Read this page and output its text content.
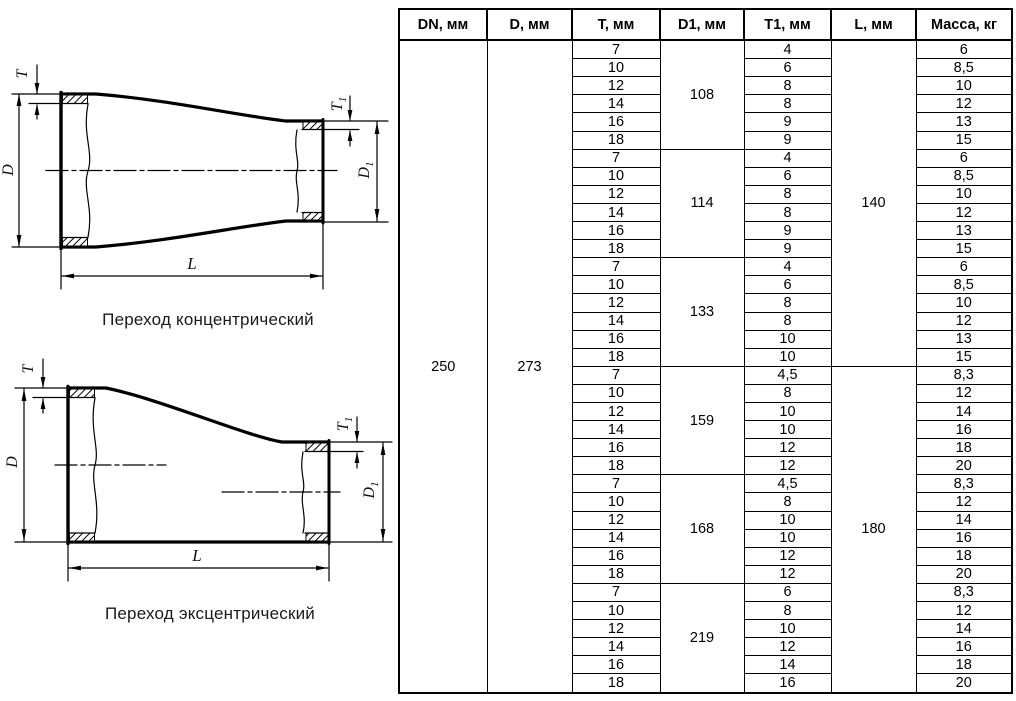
D
T
$T_1$
$D_1$
L
D
T
$T_1$
$D_1$
L
Переход концентрический
Переход эксцентрический
DN, мм	D, мм	T, мм	D1, мм	T1, мм	L, мм	Масса, кг
250	273	7	108	4	140	6
		10		6		8,5
		12		8		10
		14		8		12
		16		9		13
		18		9		15
		7	114	4		6
		10		6		8,5
		12		8		10
		14		8		12
		16		9		13
		18		9		15
		7	133	4		6
		10		6		8,5
		12		8		10
		14		8		12
		16		10		13
		18		10		15
		7	159	4,5	180	8,3
		10		8		12
		12		10		14
		14		10		16
		16		12		18
		18		12		20
		7	168	4,5		8,3
		10		8		12
		12		10		14
		14		10		16
		16		12		18
		18		12		20
		7	219	6		8,3
		10		8		12
		12		10		14
		14		12		16
		16		14		18
		18		16		20
